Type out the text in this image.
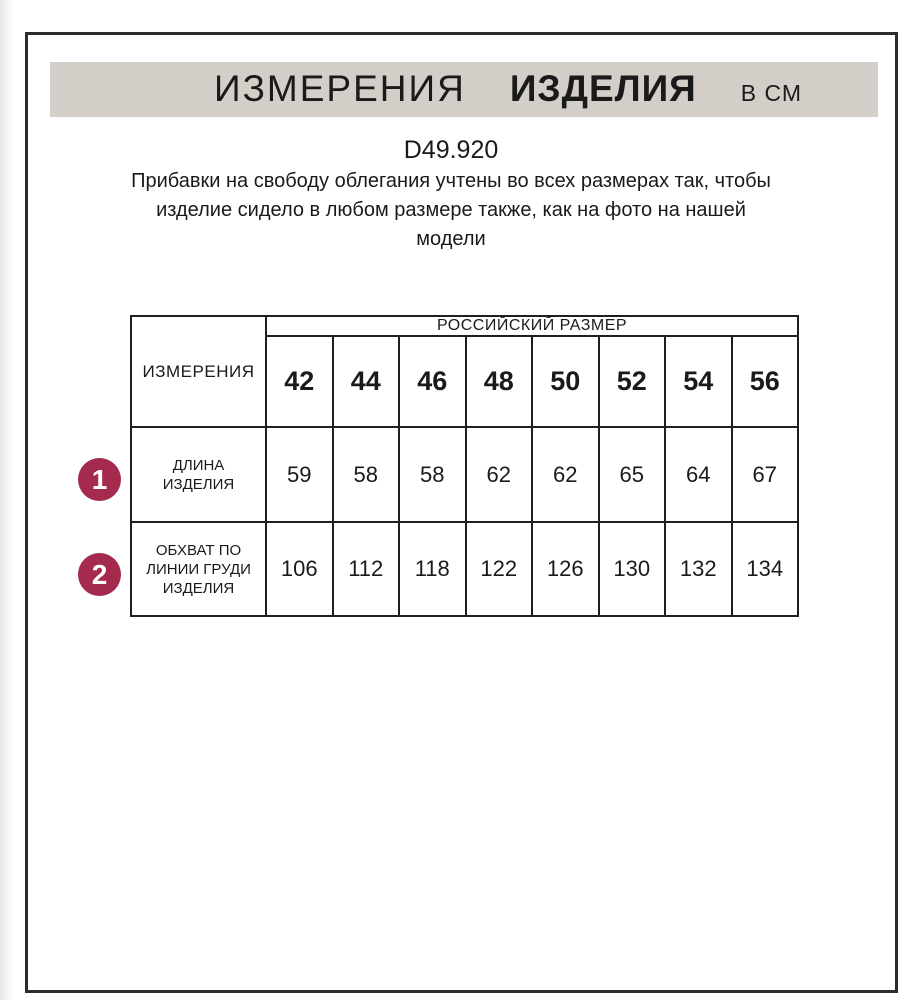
ИЗМЕРЕНИЯ ИЗДЕЛИЯ В СМ
D49.920
Прибавки на свободу облегания учтены во всех размерах так, чтобы
изделие сидело в любом размере также, как на фото на нашей
модели
ИЗМЕРЕНИЯ	РОССИЙСКИЙ РАЗМЕР							
	42	44	46	48	50	52	54	56
ДЛИНА ИЗДЕЛИЯ	59	58	58	62	62	65	64	67
ОБХВАТ ПО ЛИНИИ ГРУДИ ИЗДЕЛИЯ	106	112	118	122	126	130	132	134
1
2
